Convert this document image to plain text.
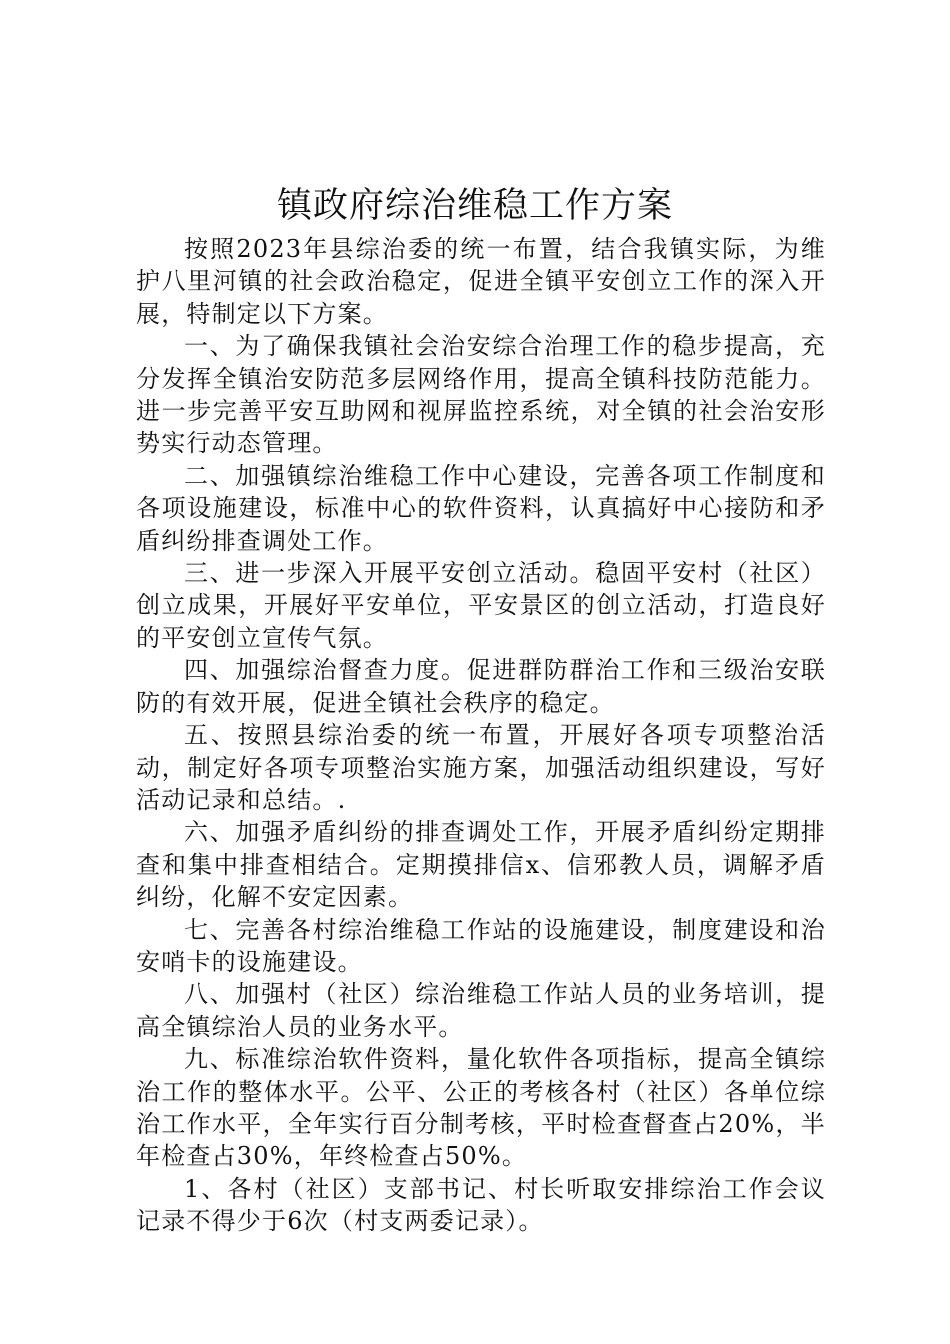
镇政府综治维稳工作方案

按照2023年县综治委的统一布置，结合我镇实际，为维护八里河镇的社会政治稳定，促进全镇平安创立工作的深入开展，特制定以下方案。

一、为了确保我镇社会治安综合治理工作的稳步提高，充分发挥全镇治安防范多层网络作用，提高全镇科技防范能力。进一步完善平安互助网和视屏监控系统，对全镇的社会治安形势实行动态管理。

二、加强镇综治维稳工作中心建设，完善各项工作制度和各项设施建设，标准中心的软件资料，认真搞好中心接防和矛盾纠纷排查调处工作。

三、进一步深入开展平安创立活动。稳固平安村（社区）创立成果，开展好平安单位，平安景区的创立活动，打造良好的平安创立宣传气氛。

四、加强综治督查力度。促进群防群治工作和三级治安联防的有效开展，促进全镇社会秩序的稳定。

五、按照县综治委的统一布置，开展好各项专项整治活动，制定好各项专项整治实施方案，加强活动组织建设，写好活动记录和总结。.

六、加强矛盾纠纷的排查调处工作，开展矛盾纠纷定期排查和集中排查相结合。定期摸排信x、信邪教人员，调解矛盾纠纷，化解不安定因素。

七、完善各村综治维稳工作站的设施建设，制度建设和治安哨卡的设施建设。

八、加强村（社区）综治维稳工作站人员的业务培训，提高全镇综治人员的业务水平。

九、标准综治软件资料，量化软件各项指标，提高全镇综治工作的整体水平。公平、公正的考核各村（社区）各单位综治工作水平，全年实行百分制考核，平时检查督查占20%，半年检查占30%，年终检查占50%。

1、各村（社区）支部书记、村长听取安排综治工作会议记录不得少于6次（村支两委记录）。
